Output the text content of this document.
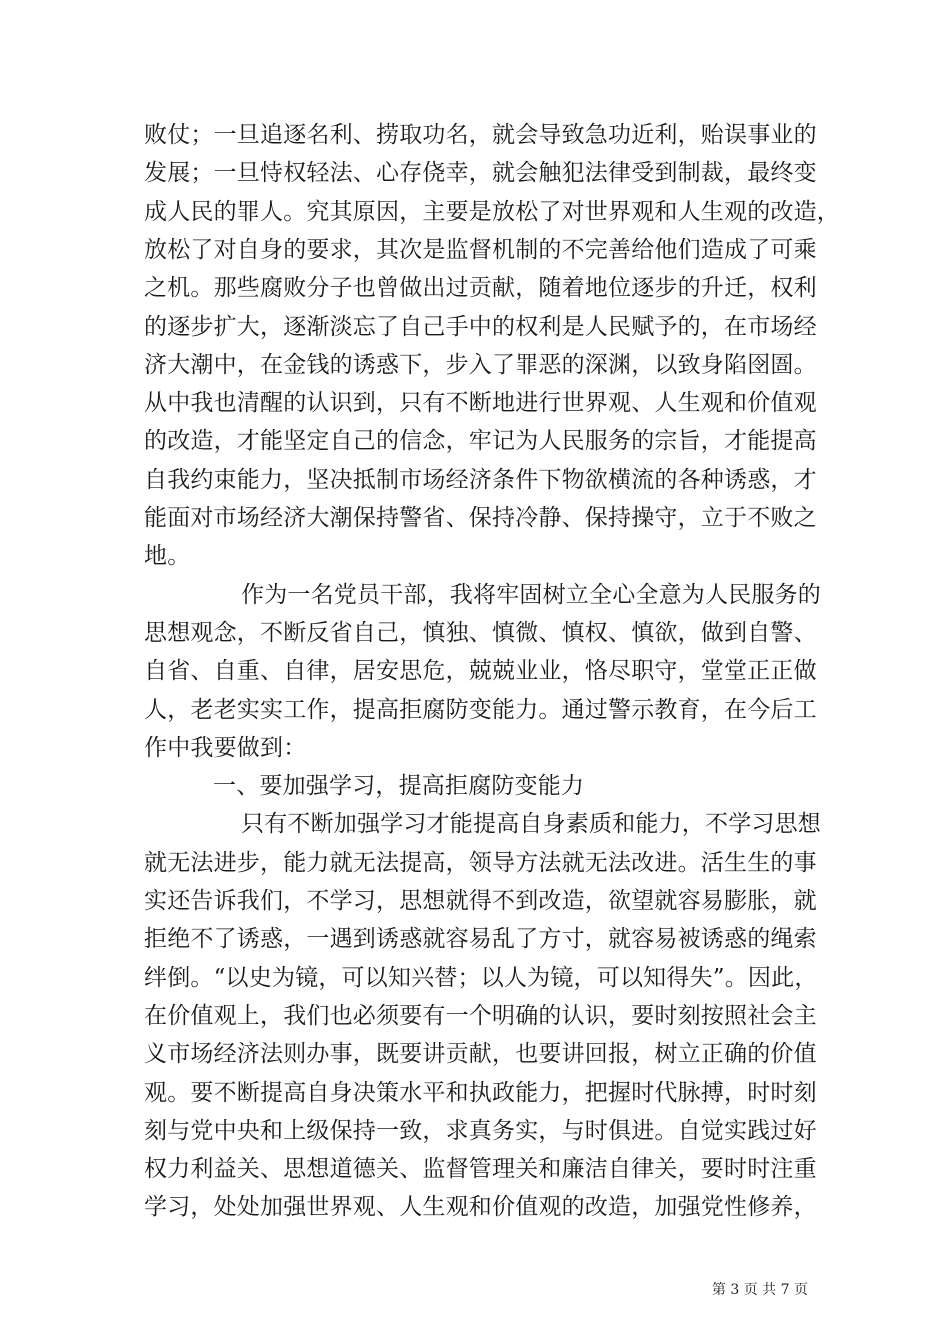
败仗；一旦追逐名利、捞取功名，就会导致急功近利，贻误事业的
发展；一旦恃权轻法、心存侥幸，就会触犯法律受到制裁，最终变
成人民的罪人。究其原因，主要是放松了对世界观和人生观的改造，
放松了对自身的要求，其次是监督机制的不完善给他们造成了可乘
之机。那些腐败分子也曾做出过贡献，随着地位逐步的升迁，权利
的逐步扩大，逐渐淡忘了自己手中的权利是人民赋予的，在市场经
济大潮中，在金钱的诱惑下，步入了罪恶的深渊，以致身陷囹圄。
从中我也清醒的认识到，只有不断地进行世界观、人生观和价值观
的改造，才能坚定自己的信念，牢记为人民服务的宗旨，才能提高
自我约束能力，坚决抵制市场经济条件下物欲横流的各种诱惑，才
能面对市场经济大潮保持警省、保持冷静、保持操守，立于不败之
地。
作为一名党员干部，我将牢固树立全心全意为人民服务的
思想观念，不断反省自己，慎独、慎微、慎权、慎欲，做到自警、
自省、自重、自律，居安思危，兢兢业业，恪尽职守，堂堂正正做
人，老老实实工作，提高拒腐防变能力。通过警示教育，在今后工
作中我要做到：
一、要加强学习，提高拒腐防变能力
只有不断加强学习才能提高自身素质和能力，不学习思想
就无法进步，能力就无法提高，领导方法就无法改进。活生生的事
实还告诉我们，不学习，思想就得不到改造，欲望就容易膨胀，就
拒绝不了诱惑，一遇到诱惑就容易乱了方寸，就容易被诱惑的绳索
绊倒。“以史为镜，可以知兴替；以人为镜，可以知得失”。因此，
在价值观上，我们也必须要有一个明确的认识，要时刻按照社会主
义市场经济法则办事，既要讲贡献，也要讲回报，树立正确的价值
观。要不断提高自身决策水平和执政能力，把握时代脉搏，时时刻
刻与党中央和上级保持一致，求真务实，与时俱进。自觉实践过好
权力利益关、思想道德关、监督管理关和廉洁自律关，要时时注重
学习，处处加强世界观、人生观和价值观的改造，加强党性修养，
第 3 页 共 7 页
